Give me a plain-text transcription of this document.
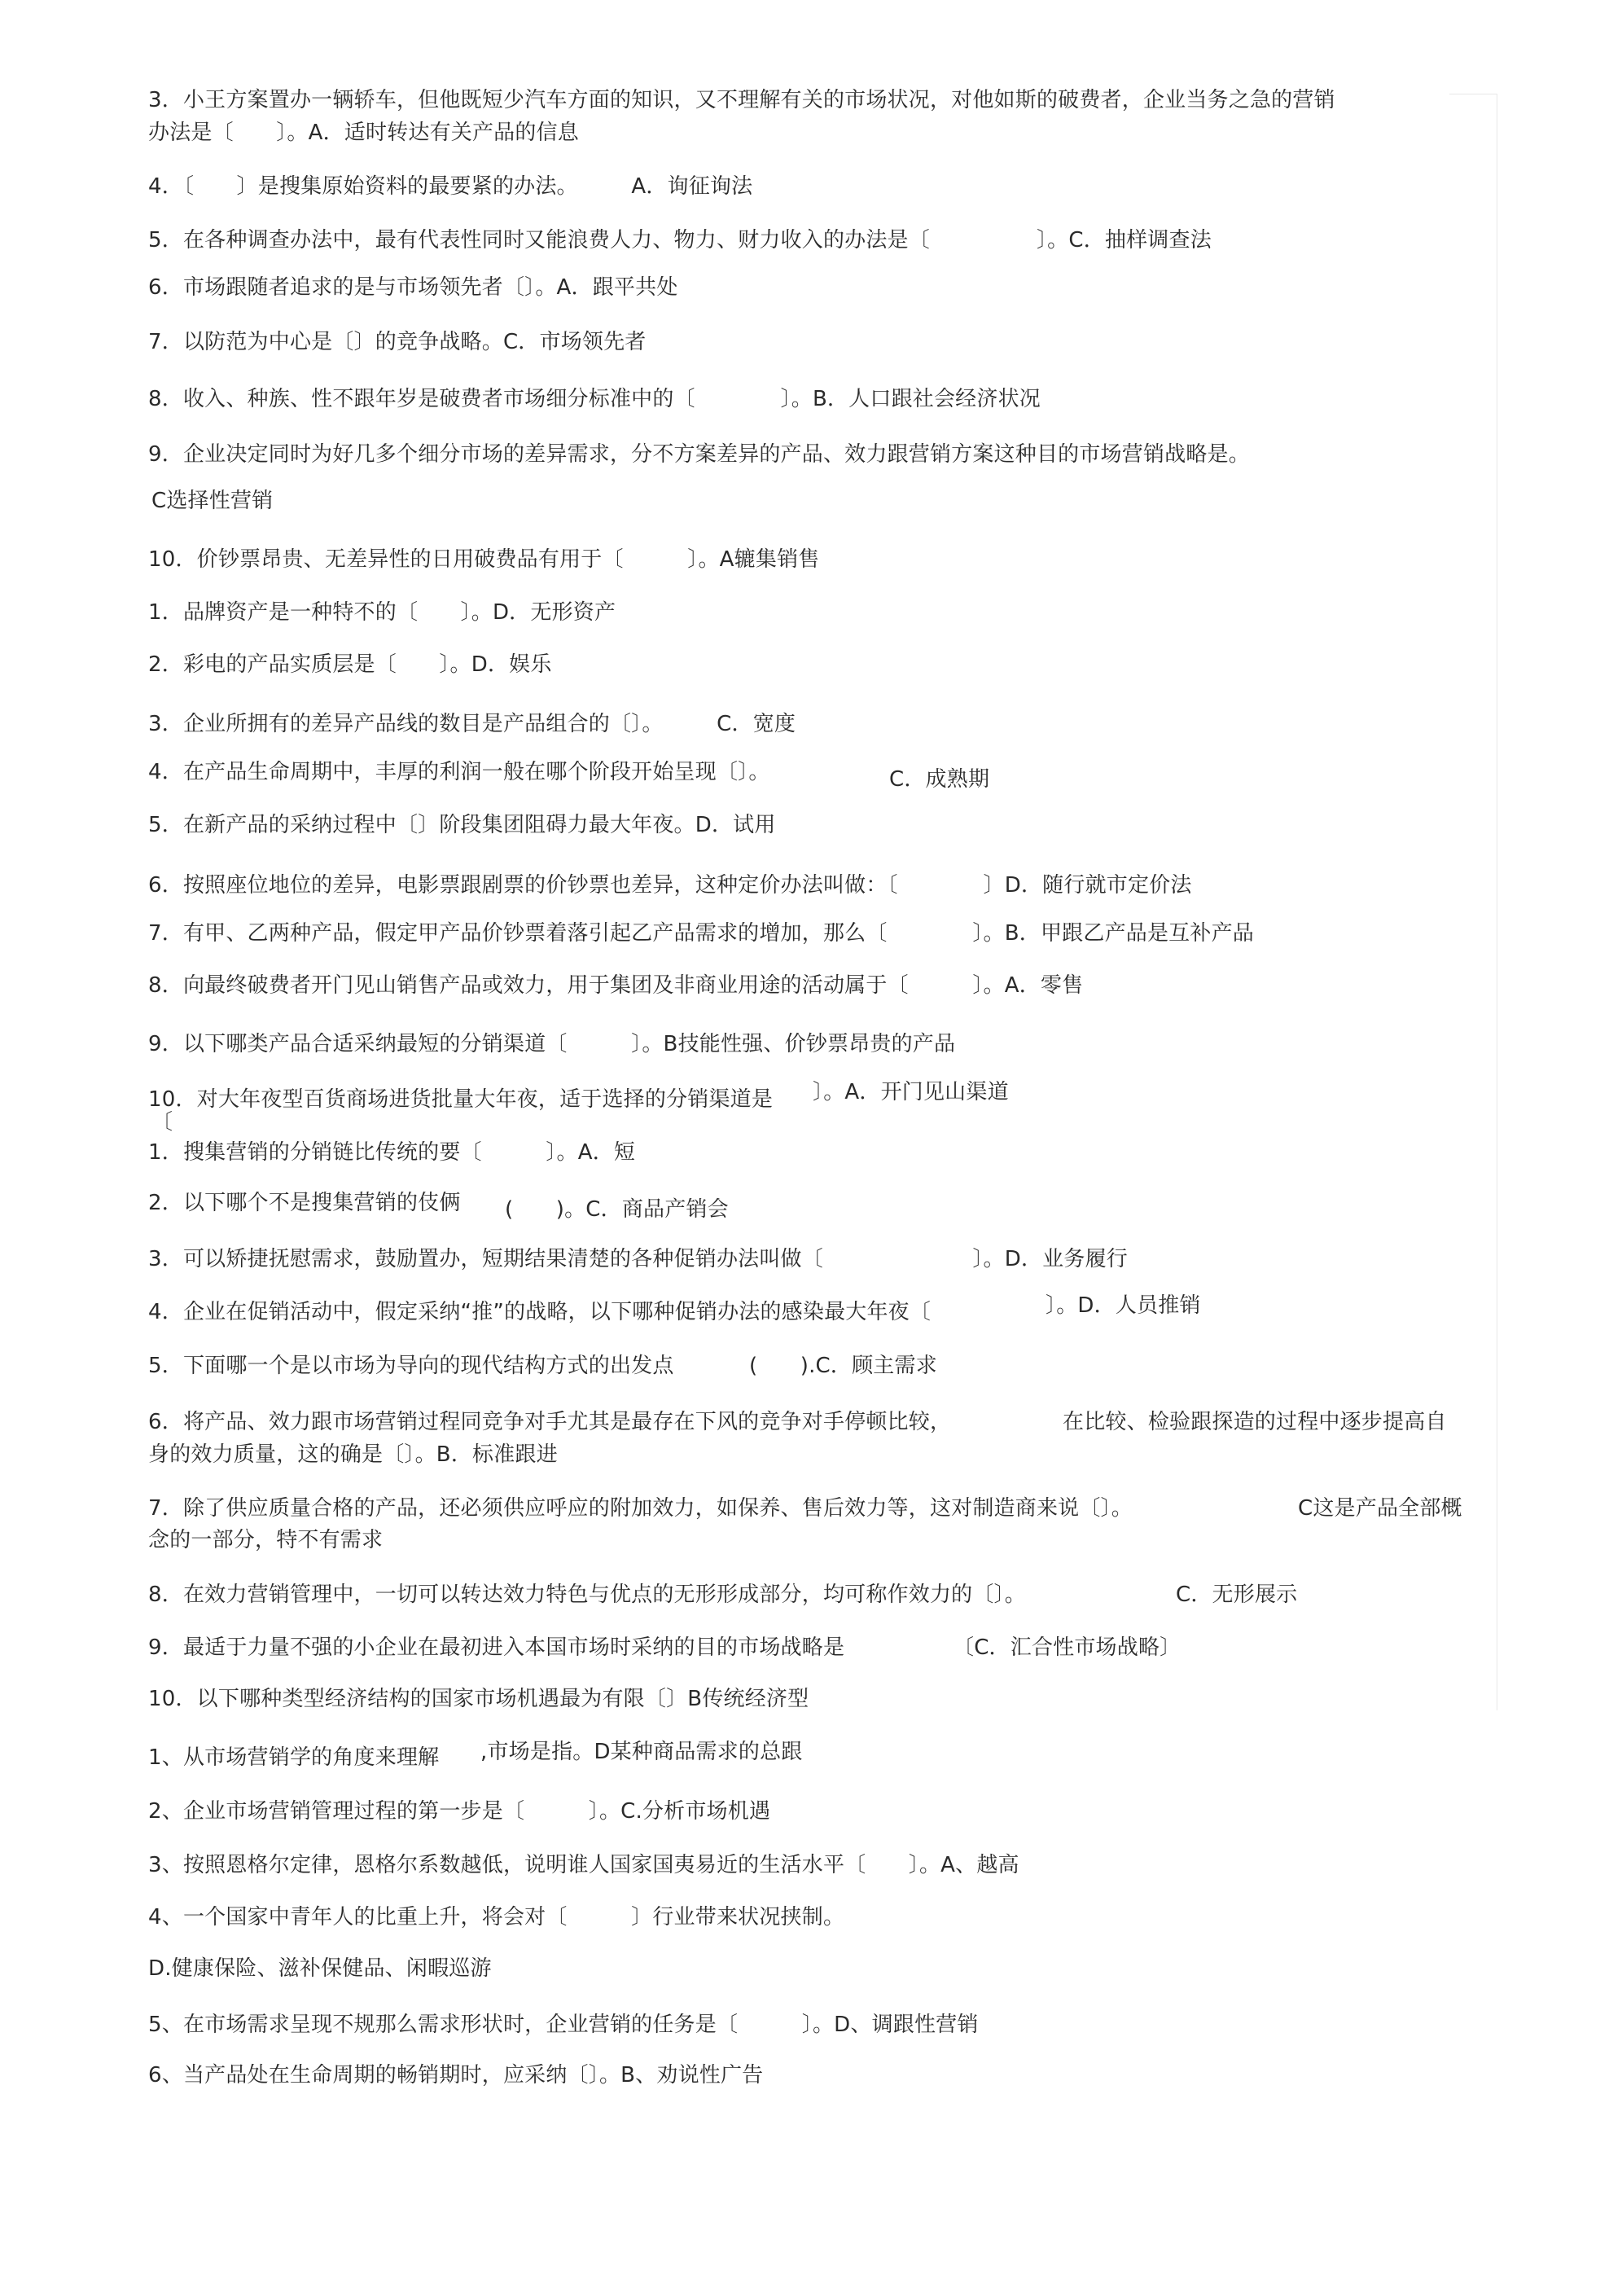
3．小王方案置办一辆轿车，但他既短少汽车方面的知识，又不理解有关的市场状况，对他如斯的破费者，企业当务之急的营销
办法是〔　　〕。A．适时转达有关产品的信息
4．〔　　〕是搜集原始资料的最要紧的办法。　　　A．询征询法
5．在各种调查办法中，最有代表性同时又能浪费人力、物力、财力收入的办法是〔　　　　　〕。C．抽样调查法
6．市场跟随者追求的是与市场领先者〔〕。A．跟平共处
7．以防范为中心是〔〕的竞争战略。C．市场领先者
8．收入、种族、性不跟年岁是破费者市场细分标准中的〔　　　　〕。B．人口跟社会经济状况
9．企业决定同时为好几多个细分市场的差异需求，分不方案差异的产品、效力跟营销方案这种目的市场营销战略是。
C选择性营销
10．价钞票昂贵、无差异性的日用破费品有用于〔　　　〕。A辘集销售
1．品牌资产是一种特不的〔　　〕。D．无形资产
2．彩电的产品实质层是〔　　〕。D．娱乐
3．企业所拥有的差异产品线的数目是产品组合的〔〕。　　　C．宽度
4．在产品生命周期中，丰厚的利润一般在哪个阶段开始呈现〔〕。	C．成熟期
5．在新产品的采纳过程中〔〕阶段集团阻碍力最大年夜。D．试用
6．按照座位地位的差异，电影票跟剧票的价钞票也差异，这种定价办法叫做：〔　　　　〕D．随行就市定价法
7．有甲、乙两种产品，假定甲产品价钞票着落引起乙产品需求的增加，那么〔　　　　〕。B．甲跟乙产品是互补产品
8．向最终破费者开门见山销售产品或效力，用于集团及非商业用途的活动属于〔　　　〕。A．零售
9．以下哪类产品合适采纳最短的分销渠道〔　　　〕。B技能性强、价钞票昂贵的产品
10．对大年夜型百货商场进货批量大年夜，适于选择的分销渠道是 〕。A．开门见山渠道
〔
1．搜集营销的分销链比传统的要〔　　　〕。A．短
2．以下哪个不是搜集营销的伎俩 (　　)。C．商品产销会
3．可以矫捷抚慰需求，鼓励置办，短期结果清楚的各种促销办法叫做〔　　　　　　　〕。D．业务履行
4．企业在促销活动中，假定采纳“推”的战略，以下哪种促销办法的感染最大年夜〔	〕。D．人员推销
5．下面哪一个是以市场为导向的现代结构方式的出发点	(　　).C．顾主需求
6．将产品、效力跟市场营销过程同竞争对手尤其是最存在下风的竞争对手停顿比较，	在比较、检验跟探造的过程中逐步提高自
身的效力质量，这的确是〔〕。B．标准跟进
7．除了供应质量合格的产品，还必须供应呼应的附加效力，如保养、售后效力等，这对制造商来说〔〕。	C这是产品全部概
念的一部分，特不有需求
8．在效力营销管理中，一切可以转达效力特色与优点的无形形成部分，均可称作效力的〔〕。	C．无形展示
9．最适于力量不强的小企业在最初进入本国市场时采纳的目的市场战略是	〔C．汇合性市场战略〕
10．以下哪种类型经济结构的国家市场机遇最为有限〔〕B传统经济型
1、从市场营销学的角度来理解 ,市场是指。D某种商品需求的总跟
2、企业市场营销管理过程的第一步是〔　　　〕。C.分析市场机遇
3、按照恩格尔定律，恩格尔系数越低，说明谁人国家国夷易近的生活水平〔　　〕。A、越高
4、一个国家中青年人的比重上升，将会对〔　　　〕行业带来状况挟制。
D.健康保险、滋补保健品、闲暇巡游
5、在市场需求呈现不规那么需求形状时，企业营销的任务是〔　　　〕。D、调跟性营销
6、当产品处在生命周期的畅销期时，应采纳〔〕。B、劝说性广告
